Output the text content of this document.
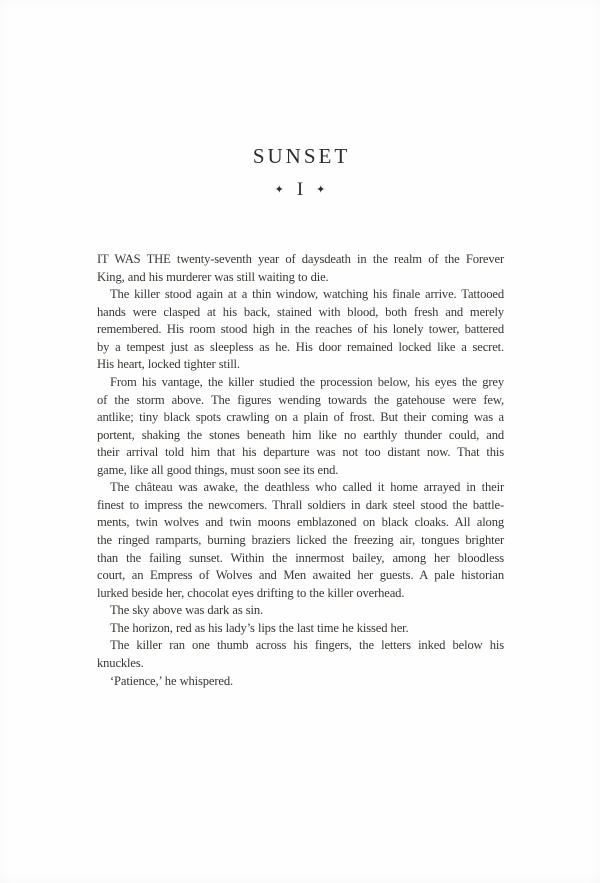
SUNSET
✦ I ✦
IT WAS THE twenty-seventh year of daysdeath in the realm of the Forever
King, and his murderer was still waiting to die.
The killer stood again at a thin window, watching his finale arrive. Tattooed
hands were clasped at his back, stained with blood, both fresh and merely
remembered. His room stood high in the reaches of his lonely tower, battered
by a tempest just as sleepless as he. His door remained locked like a secret.
His heart, locked tighter still.
From his vantage, the killer studied the procession below, his eyes the grey
of the storm above. The figures wending towards the gatehouse were few,
antlike; tiny black spots crawling on a plain of frost. But their coming was a
portent, shaking the stones beneath him like no earthly thunder could, and
their arrival told him that his departure was not too distant now. That this
game, like all good things, must soon see its end.
The château was awake, the deathless who called it home arrayed in their
finest to impress the newcomers. Thrall soldiers in dark steel stood the battle-
ments, twin wolves and twin moons emblazoned on black cloaks. All along
the ringed ramparts, burning braziers licked the freezing air, tongues brighter
than the failing sunset. Within the innermost bailey, among her bloodless
court, an Empress of Wolves and Men awaited her guests. A pale historian
lurked beside her, chocolat eyes drifting to the killer overhead.
The sky above was dark as sin.
The horizon, red as his lady’s lips the last time he kissed her.
The killer ran one thumb across his fingers, the letters inked below his
knuckles.
‘Patience,’ he whispered.
